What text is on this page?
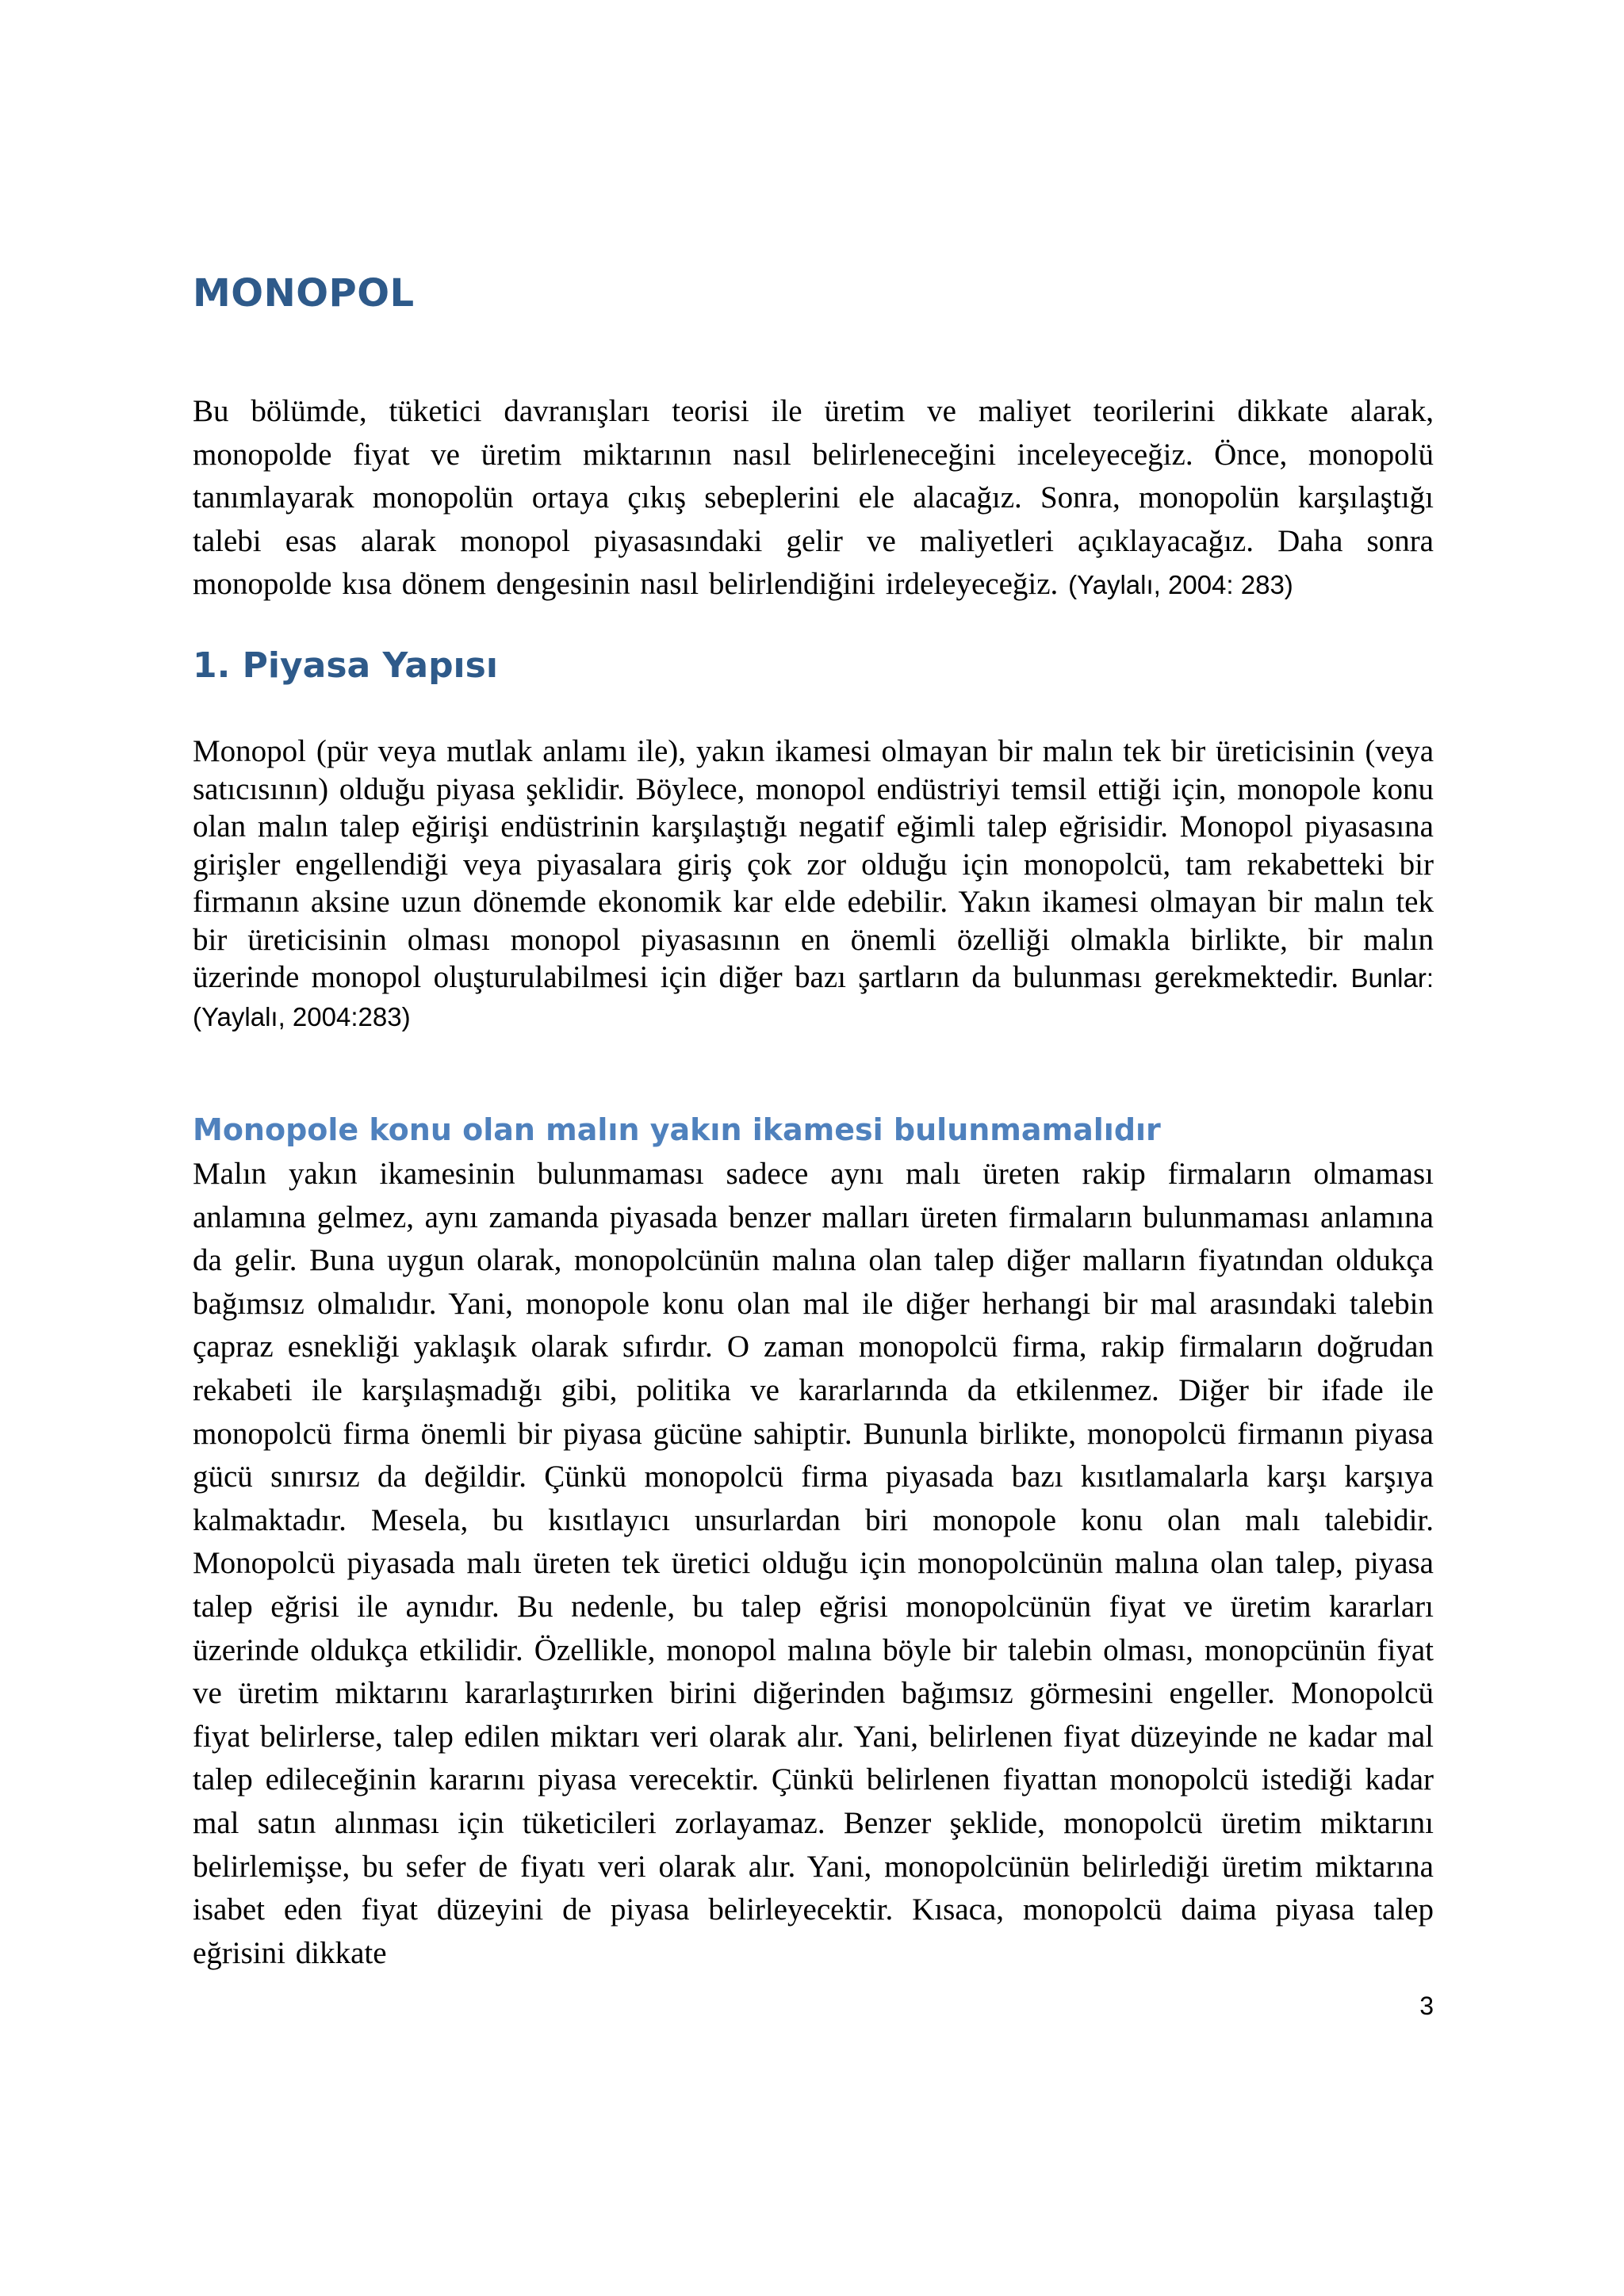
MONOPOL

Bu bölümde, tüketici davranışları teorisi ile üretim ve maliyet teorilerini dikkate alarak, monopolde fiyat ve üretim miktarının nasıl belirleneceğini inceleyeceğiz. Önce, monopolü tanımlayarak monopolün ortaya çıkış sebeplerini ele alacağız. Sonra, monopolün karşılaştığı talebi esas alarak monopol piyasasındaki gelir ve maliyetleri açıklayacağız. Daha sonra monopolde kısa dönem dengesinin nasıl belirlendiğini irdeleyeceğiz. (Yaylalı, 2004: 283)

1. Piyasa Yapısı

Monopol (pür veya mutlak anlamı ile), yakın ikamesi olmayan bir malın tek bir üreticisinin (veya satıcısının) olduğu piyasa şeklidir. Böylece, monopol endüstriyi temsil ettiği için, monopole konu olan malın talep eğirişi endüstrinin karşılaştığı negatif eğimli talep eğrisidir. Monopol piyasasına girişler engellendiği veya piyasalara giriş çok zor olduğu için monopolcü, tam rekabetteki bir firmanın aksine uzun dönemde ekonomik kar elde edebilir. Yakın ikamesi olmayan bir malın tek bir üreticisinin olması monopol piyasasının en önemli özelliği olmakla birlikte, bir malın üzerinde monopol oluşturulabilmesi için diğer bazı şartların da bulunması gerekmektedir. Bunlar: (Yaylalı, 2004:283)

Monopole konu olan malın yakın ikamesi bulunmamalıdır

Malın yakın ikamesinin bulunmaması sadece aynı malı üreten rakip firmaların olmaması anlamına gelmez, aynı zamanda piyasada benzer malları üreten firmaların bulunmaması anlamına da gelir. Buna uygun olarak, monopolcünün malına olan talep diğer malların fiyatından oldukça bağımsız olmalıdır. Yani, monopole konu olan mal ile diğer herhangi bir mal arasındaki talebin çapraz esnekliği yaklaşık olarak sıfırdır. O zaman monopolcü firma, rakip firmaların doğrudan rekabeti ile karşılaşmadığı gibi, politika ve kararlarında da etkilenmez. Diğer bir ifade ile monopolcü firma önemli bir piyasa gücüne sahiptir. Bununla birlikte, monopolcü firmanın piyasa gücü sınırsız da değildir. Çünkü monopolcü firma piyasada bazı kısıtlamalarla karşı karşıya kalmaktadır. Mesela, bu kısıtlayıcı unsurlardan biri monopole konu olan malı talebidir. Monopolcü piyasada malı üreten tek üretici olduğu için monopolcünün malına olan talep, piyasa talep eğrisi ile aynıdır. Bu nedenle, bu talep eğrisi monopolcünün fiyat ve üretim kararları üzerinde oldukça etkilidir. Özellikle, monopol malına böyle bir talebin olması, monopcünün fiyat ve üretim miktarını kararlaştırırken birini diğerinden bağımsız görmesini engeller. Monopolcü fiyat belirlerse, talep edilen miktarı veri olarak alır. Yani, belirlenen fiyat düzeyinde ne kadar mal talep edileceğinin kararını piyasa verecektir. Çünkü belirlenen fiyattan monopolcü istediği kadar mal satın alınması için tüketicileri zorlayamaz. Benzer şeklide, monopolcü üretim miktarını belirlemişse, bu sefer de fiyatı veri olarak alır. Yani, monopolcünün belirlediği üretim miktarına isabet eden fiyat düzeyini de piyasa belirleyecektir. Kısaca, monopolcü daima piyasa talep eğrisini dikkate

3
